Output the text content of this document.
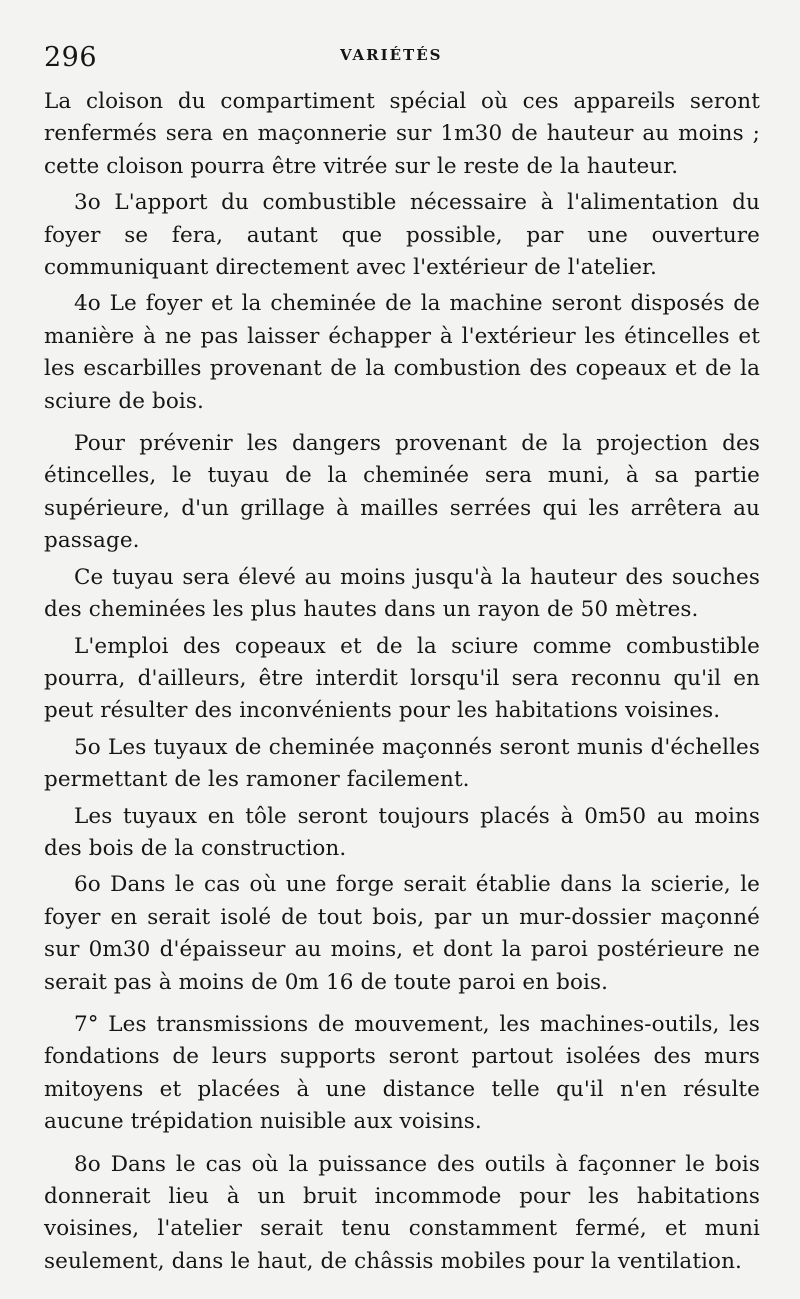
296	VARIÉTÉS

La cloison du compartiment spécial où ces appareils seront renfermés sera en maçonnerie sur 1m30 de hauteur au moins ; cette cloison pourra être vitrée sur le reste de la hauteur.

3o L'apport du combustible nécessaire à l'alimentation du foyer se fera, autant que possible, par une ouverture communiquant directement avec l'extérieur de l'atelier.

4o Le foyer et la cheminée de la machine seront disposés de manière à ne pas laisser échapper à l'extérieur les étincelles et les escarbilles provenant de la combustion des copeaux et de la sciure de bois.

Pour prévenir les dangers provenant de la projection des étincelles, le tuyau de la cheminée sera muni, à sa partie supérieure, d'un grillage à mailles serrées qui les arrêtera au passage.

Ce tuyau sera élevé au moins jusqu'à la hauteur des souches des cheminées les plus hautes dans un rayon de 50 mètres.

L'emploi des copeaux et de la sciure comme combustible pourra, d'ailleurs, être interdit lorsqu'il sera reconnu qu'il en peut résulter des inconvénients pour les habitations voisines.

5o Les tuyaux de cheminée maçonnés seront munis d'échelles permettant de les ramoner facilement.

Les tuyaux en tôle seront toujours placés à 0m50 au moins des bois de la construction.

6o Dans le cas où une forge serait établie dans la scierie, le foyer en serait isolé de tout bois, par un mur-dossier maçonné sur 0m30 d'épaisseur au moins, et dont la paroi postérieure ne serait pas à moins de 0m 16 de toute paroi en bois.

7° Les transmissions de mouvement, les machines-outils, les fondations de leurs supports seront partout isolées des murs mitoyens et placées à une distance telle qu'il n'en résulte aucune trépidation nuisible aux voisins.

8o Dans le cas où la puissance des outils à façonner le bois donnerait lieu à un bruit incommode pour les habitations voisines, l'atelier serait tenu constamment fermé, et muni seulement, dans le haut, de châssis mobiles pour la ventilation.
